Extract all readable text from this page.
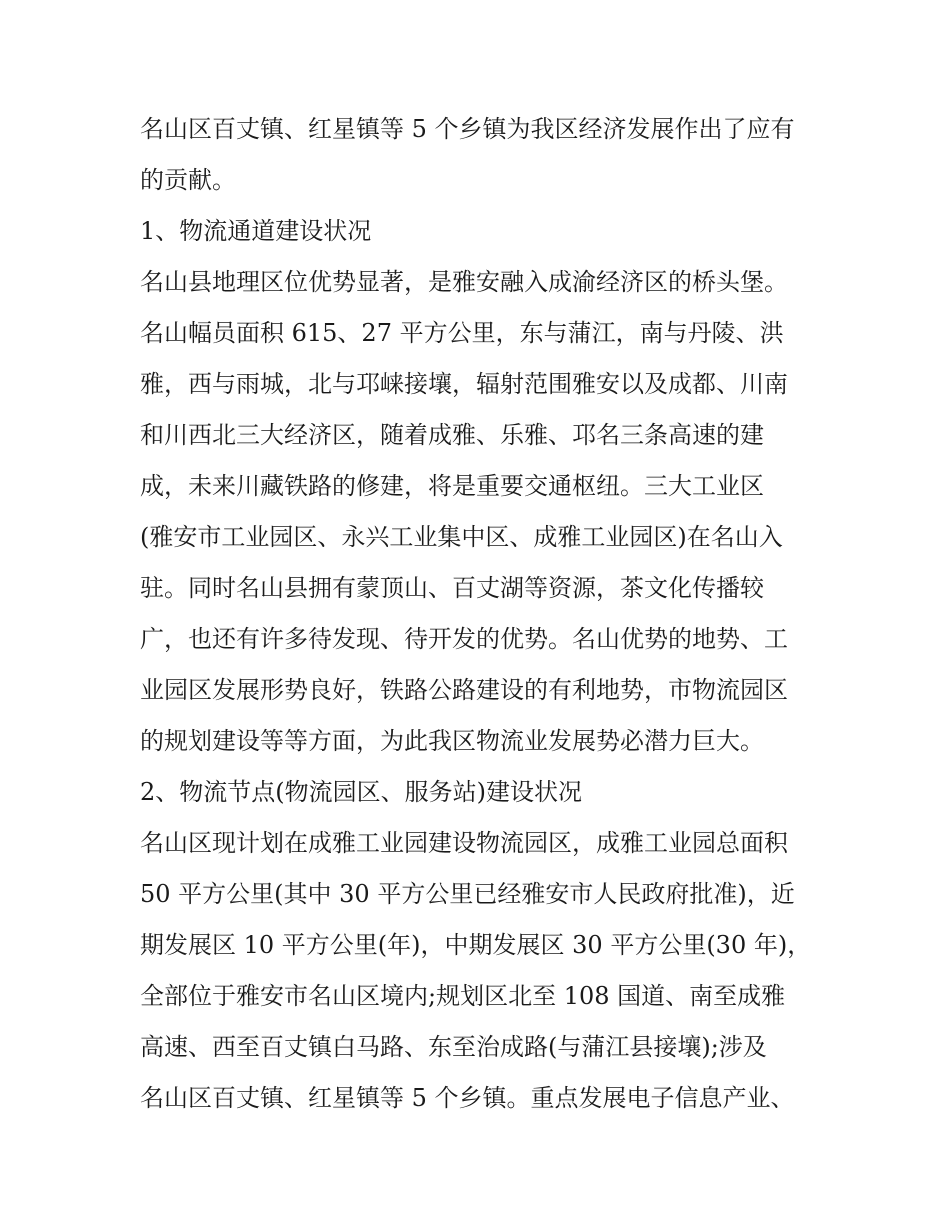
名山区百丈镇、红星镇等 5 个乡镇为我区经济发展作出了应有
的贡献。
1、物流通道建设状况
名山县地理区位优势显著，是雅安融入成渝经济区的桥头堡。
名山幅员面积 615、27 平方公里，东与蒲江，南与丹陵、洪
雅，西与雨城，北与邛崃接壤，辐射范围雅安以及成都、川南
和川西北三大经济区，随着成雅、乐雅、邛名三条高速的建
成，未来川藏铁路的修建，将是重要交通枢纽。三大工业区
(雅安市工业园区、永兴工业集中区、成雅工业园区)在名山入
驻。同时名山县拥有蒙顶山、百丈湖等资源，茶文化传播较
广，也还有许多待发现、待开发的优势。名山优势的地势、工
业园区发展形势良好，铁路公路建设的有利地势，市物流园区
的规划建设等等方面，为此我区物流业发展势必潜力巨大。
2、物流节点(物流园区、服务站)建设状况
名山区现计划在成雅工业园建设物流园区，成雅工业园总面积
50 平方公里(其中 30 平方公里已经雅安市人民政府批准)，近
期发展区 10 平方公里(年)，中期发展区 30 平方公里(30 年)，
全部位于雅安市名山区境内;规划区北至 108 国道、南至成雅
高速、西至百丈镇白马路、东至治成路(与蒲江县接壤);涉及
名山区百丈镇、红星镇等 5 个乡镇。重点发展电子信息产业、
